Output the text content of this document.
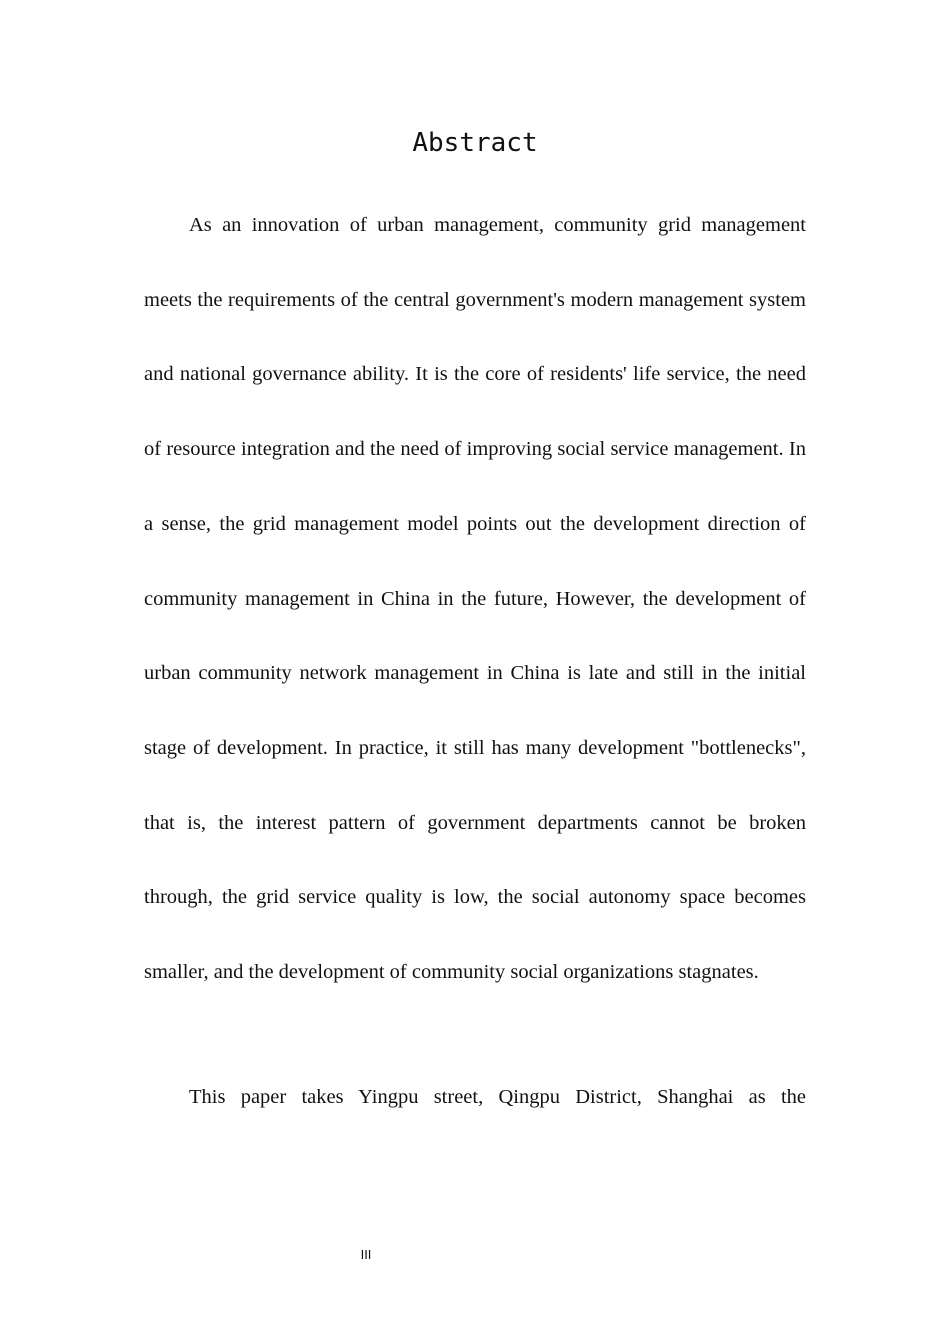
Abstract

As an innovation of urban management, community grid management meets the requirements of the central government's modern management system and national governance ability. It is the core of residents' life service, the need of resource integration and the need of improving social service management. In a sense, the grid management model points out the development direction of community management in China in the future, However, the development of urban community network management in China is late and still in the initial stage of development. In practice, it still has many development "bottlenecks", that is, the interest pattern of government departments cannot be broken through, the grid service quality is low, the social autonomy space becomes smaller, and the development of community social organizations stagnates.

This paper takes Yingpu street, Qingpu District, Shanghai as the

III
